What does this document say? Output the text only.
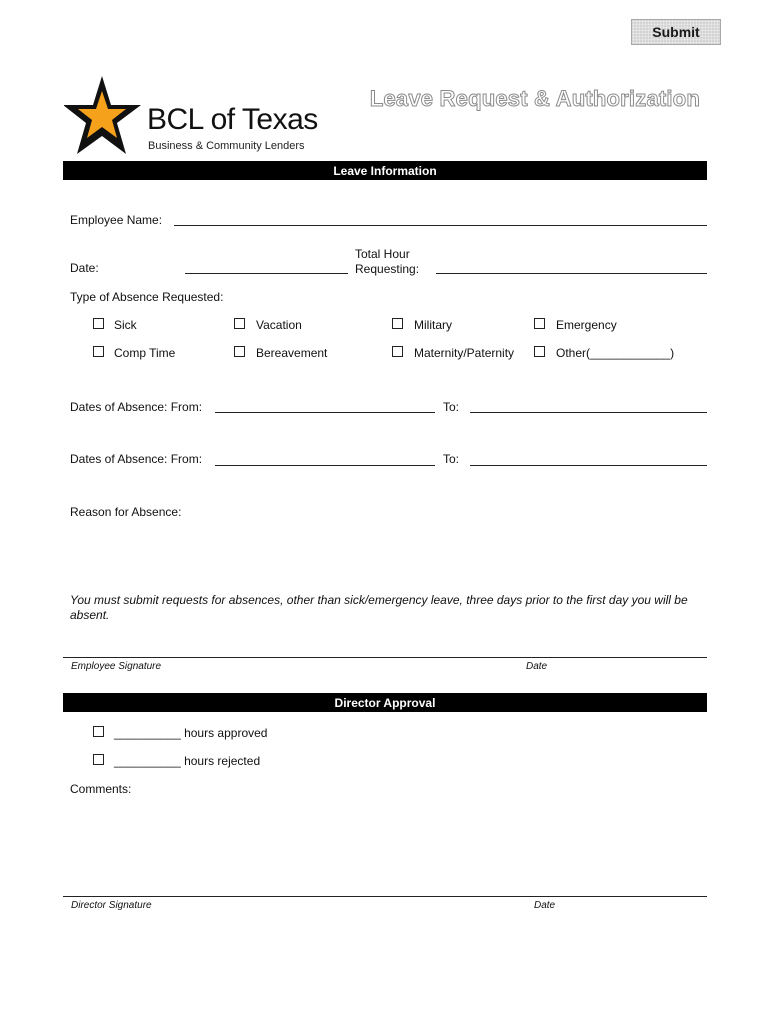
Submit
BCL of Texas
Business & Community Lenders
Leave Request & Authorization
Leave Information
Employee Name:
Date:
Total Hour
Requesting:
Type of Absence Requested:
Sick	Vacation	Military	Emergency
Comp Time	Bereavement	Maternity/Paternity	Other(____________)
Dates of Absence: From:	To:
Dates of Absence: From:	To:
Reason for Absence:
You must submit requests for absences, other than sick/emergency leave, three days prior to the first day you will be absent.
Employee Signature	Date
Director Approval
__________ hours approved
__________ hours rejected
Comments:
Director Signature	Date
